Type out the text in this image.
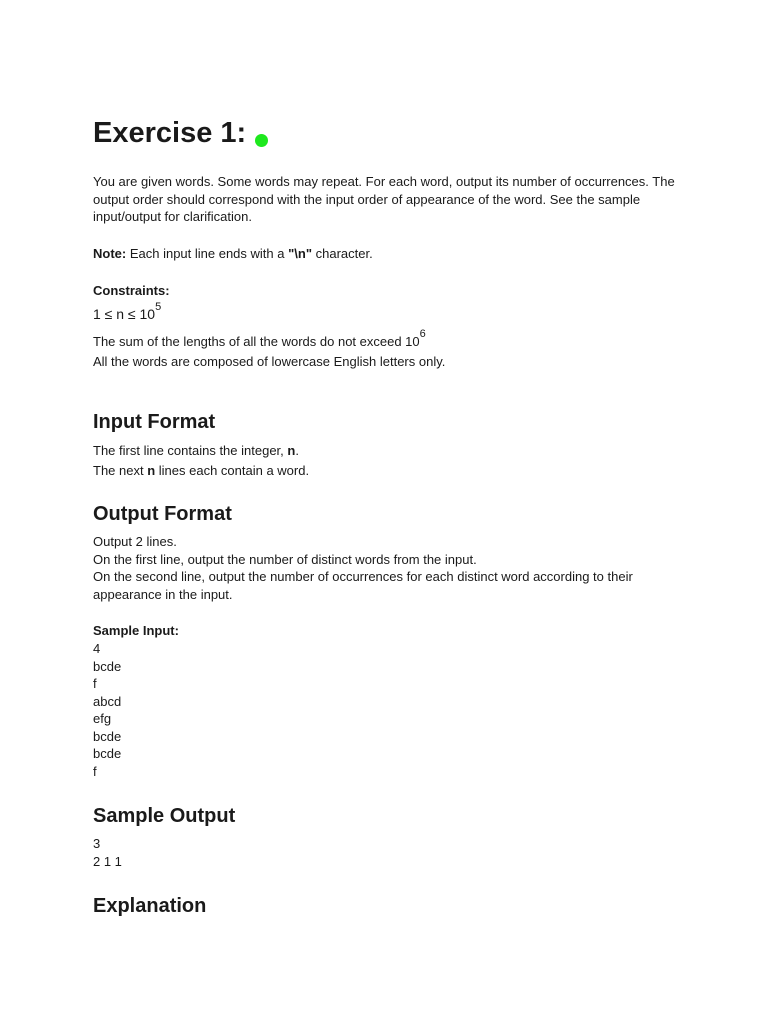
Exercise 1:

You are given words. Some words may repeat. For each word, output its number of occurrences. The output order should correspond with the input order of appearance of the word. See the sample input/output for clarification.

Note: Each input line ends with a "\n" character.

Constraints:

$1 \le n \le 10^5$

The sum of the lengths of all the words do not exceed $10^6$

All the words are composed of lowercase English letters only.

Input Format

The first line contains the integer, n.

The next n lines each contain a word.

Output Format
Output 2 lines.
On the first line, output the number of distinct words from the input.
On the second line, output the number of occurrences for each distinct word according to their appearance in the input.

Sample Input:

4
bcde
f
abcd
efg
bcde
bcde
f
Sample Output
3
2 1 1
Explanation
